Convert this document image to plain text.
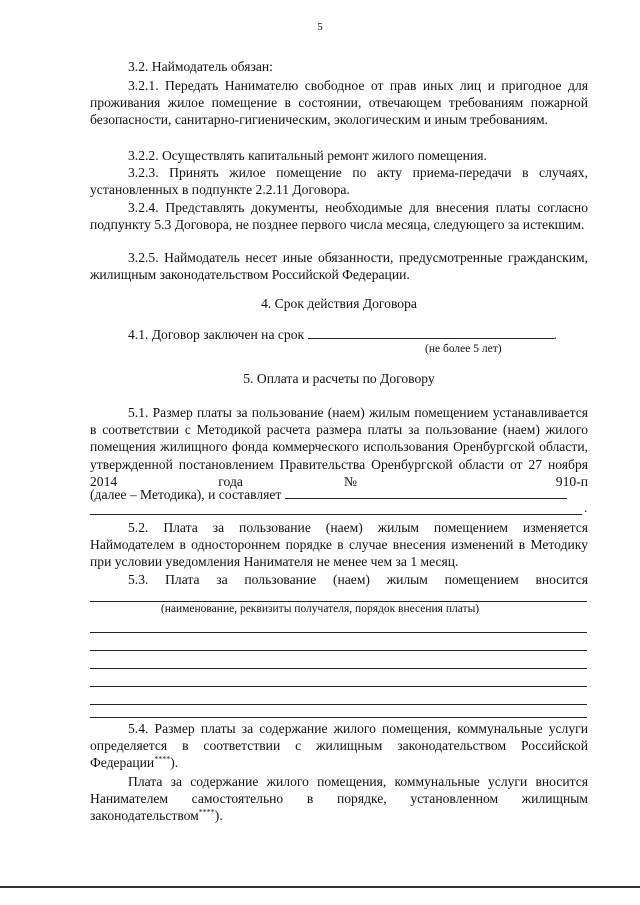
5
3.2. Наймодатель обязан:
3.2.1. Передать Нанимателю свободное от прав иных лиц и пригодное для проживания жилое помещение в состоянии, отвечающем требованиям пожарной безопасности, санитарно-гигиеническим, экологическим и иным требованиям.
3.2.2. Осуществлять капитальный ремонт жилого помещения.
3.2.3. Принять жилое помещение по акту приема-передачи в случаях, установленных в подпункте 2.2.11 Договора.
3.2.4. Представлять документы, необходимые для внесения платы согласно подпункту 5.3 Договора, не позднее первого числа месяца, следующего за истекшим.
3.2.5. Наймодатель несет иные обязанности, предусмотренные гражданским, жилищным законодательством Российской Федерации.
4. Срок действия Договора
4.1. Договор заключен на срок	.
(не более 5 лет)
5. Оплата и расчеты по Договору
5.1. Размер платы за пользование (наем) жилым помещением устанавливается в соответствии с Методикой расчета размера платы за пользование (наем) жилого помещения жилищного фонда коммерческого использования Оренбургской области, утвержденной постановлением Правительства Оренбургской области от 27 ноября 2014 года № 910-п
(далее – Методика), и составляет
.
5.2. Плата за пользование (наем) жилым помещением изменяется Наймодателем в одностороннем порядке в случае внесения изменений в Методику при условии уведомления Нанимателя не менее чем за 1 месяц.
5.3. Плата за пользование (наем) жилым помещением вносится
(наименование, реквизиты получателя, порядок внесения платы)
5.4. Размер платы за содержание жилого помещения, коммунальные услуги определяется в соответствии с жилищным законодательством Российской Федерации****).
Плата за содержание жилого помещения, коммунальные услуги вносится Нанимателем самостоятельно в порядке, установленном жилищным законодательством****).
